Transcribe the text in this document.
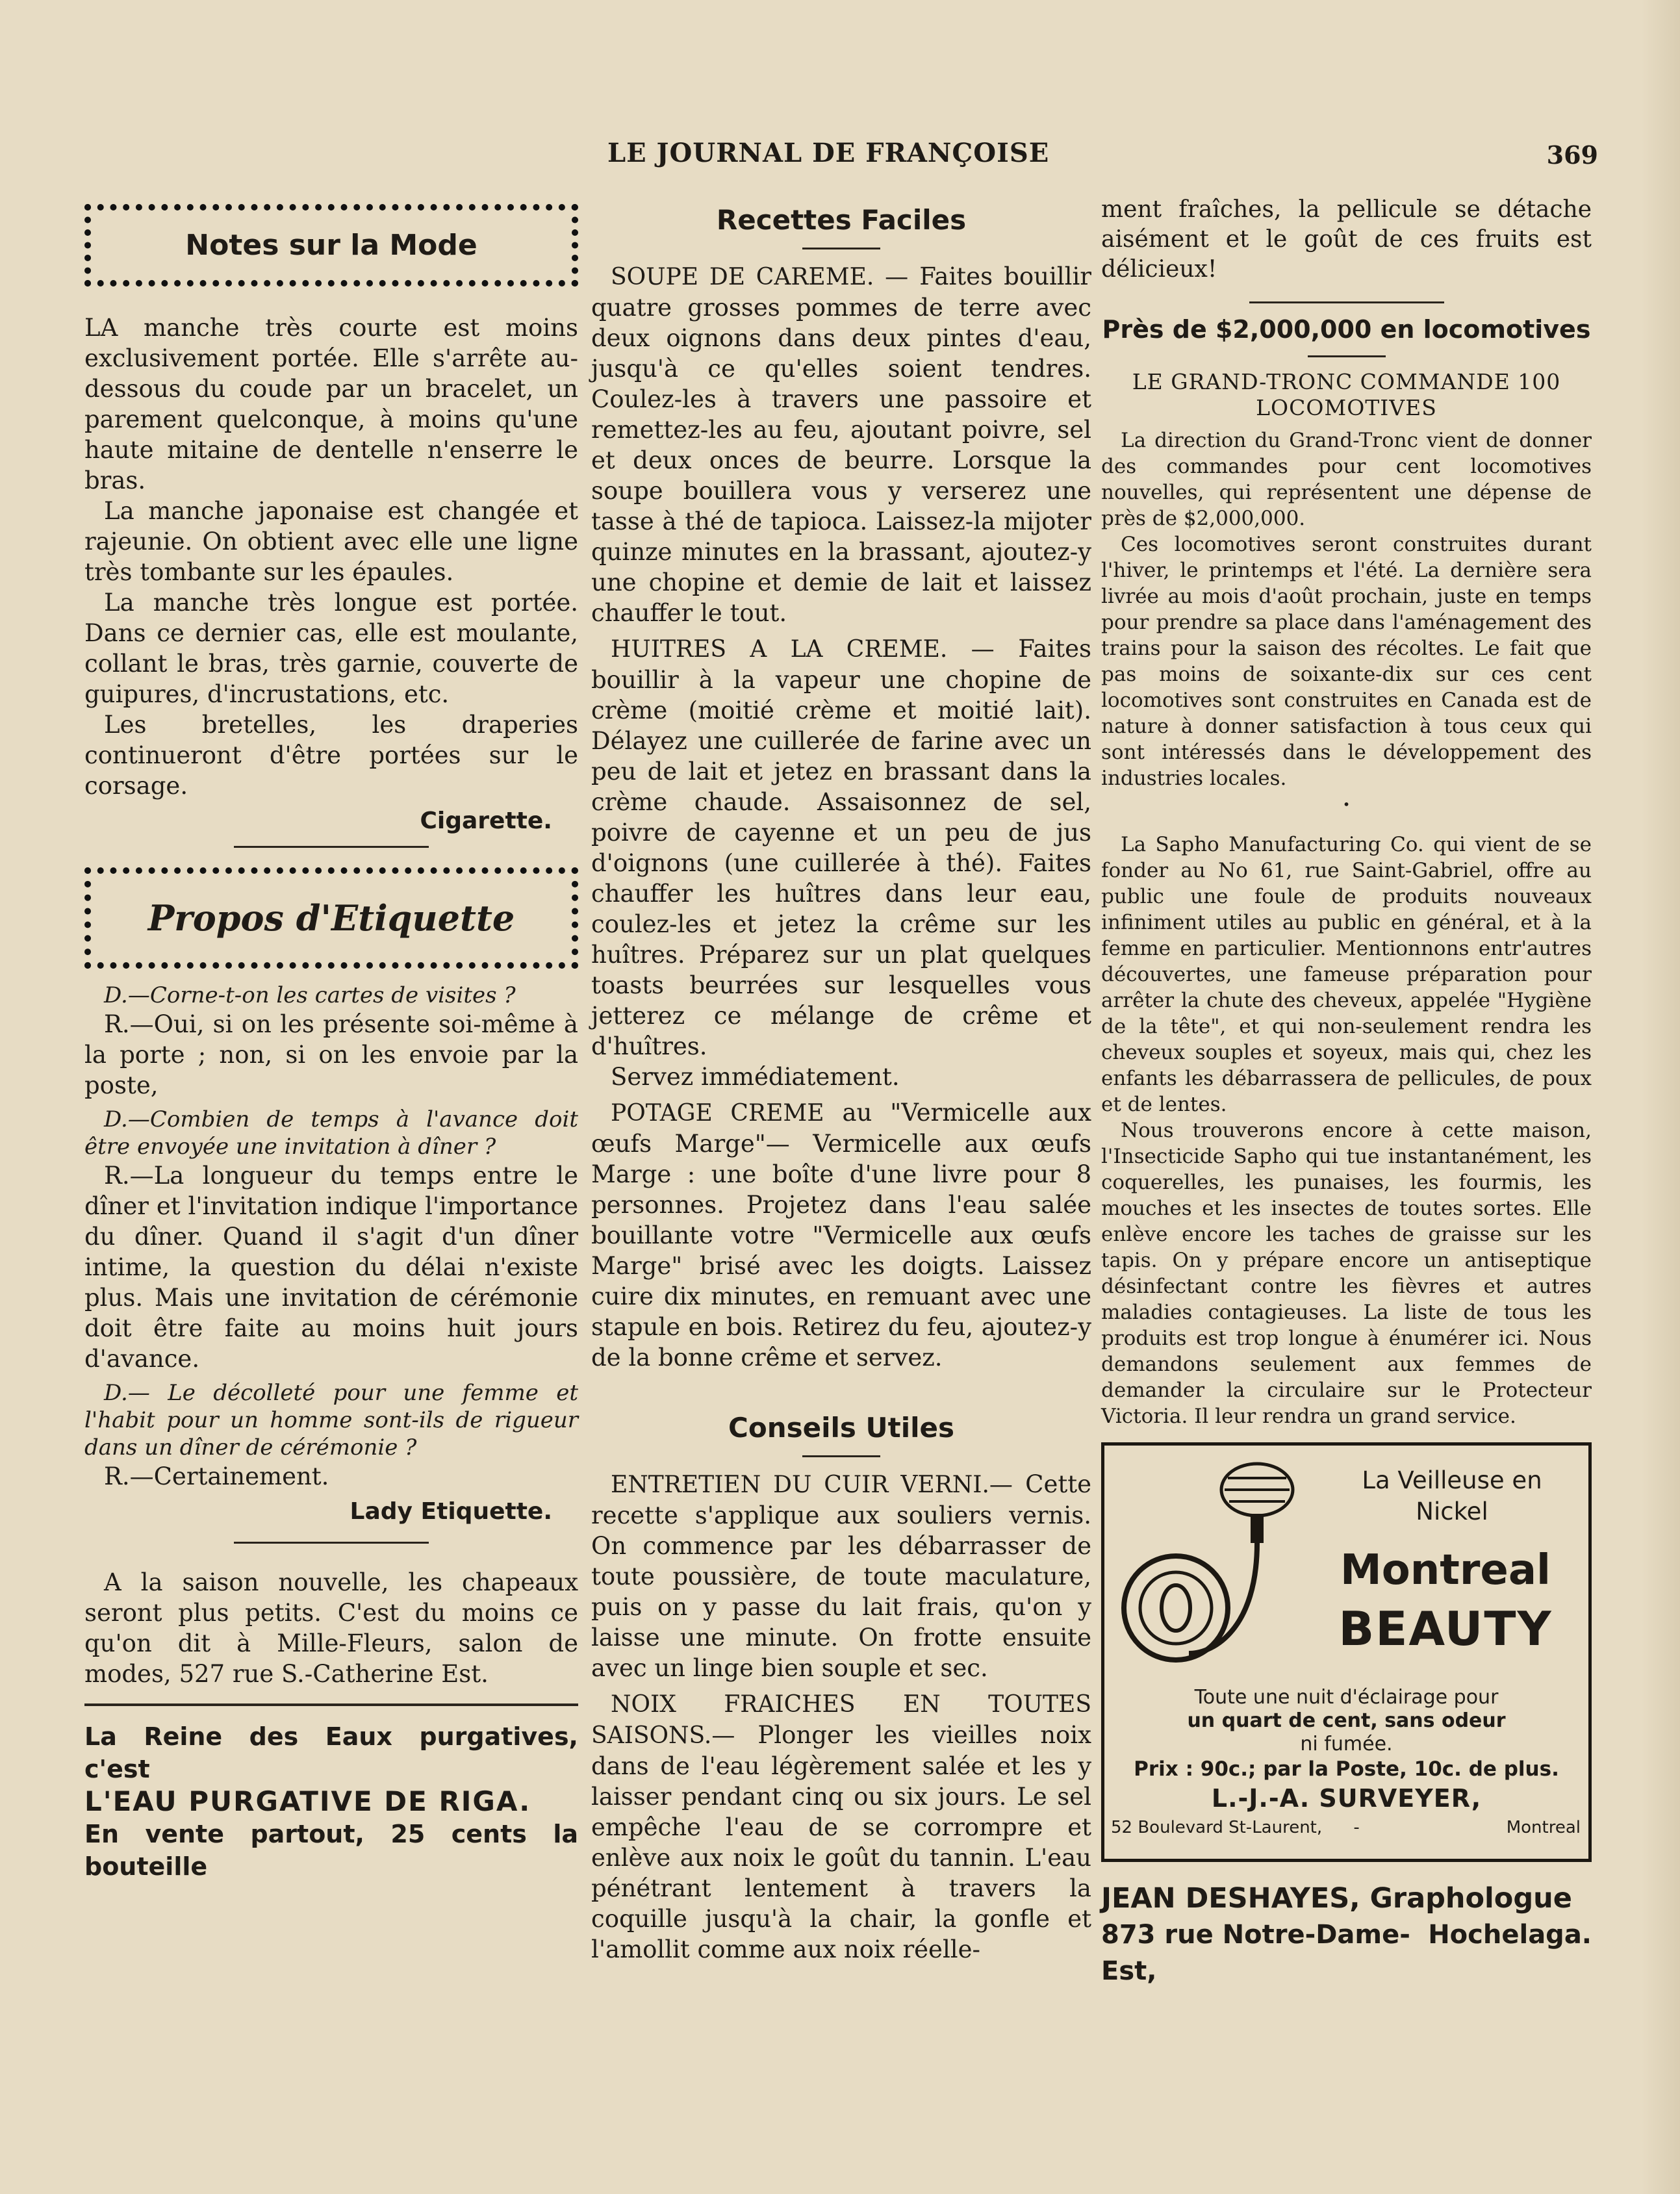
LE JOURNAL DE FRANÇOISE	369
Notes sur la Mode

LA manche très courte est moins exclusivement portée. Elle s'arrête au-dessous du coude par un bracelet, un parement quelconque, à moins qu'une haute mitaine de dentelle n'enserre le bras.

La manche japonaise est changée et rajeunie. On obtient avec elle une ligne très tombante sur les épaules.

La manche très longue est portée. Dans ce dernier cas, elle est moulante, collant le bras, très garnie, couverte de guipures, d'incrustations, etc.

Les bretelles, les draperies continueront d'être portées sur le corsage.

Cigarette.
Propos d'Etiquette

D.—Corne-t-on les cartes de visites ?

R.—Oui, si on les présente soi-même à la porte ; non, si on les envoie par la poste,

D.—Combien de temps à l'avance doit être envoyée une invitation à dîner ?

R.—La longueur du temps entre le dîner et l'invitation indique l'importance du dîner. Quand il s'agit d'un dîner intime, la question du délai n'existe plus. Mais une invitation de cérémonie doit être faite au moins huit jours d'avance.

D.— Le décolleté pour une femme et l'habit pour un homme sont-ils de rigueur dans un dîner de cérémonie ?

R.—Certainement.

Lady Etiquette.

A la saison nouvelle, les chapeaux seront plus petits. C'est du moins ce qu'on dit à Mille-Fleurs, salon de modes, 527 rue S.-Catherine Est.

La Reine des Eaux purgatives, c'est
L'EAU PURGATIVE DE RIGA.
En vente partout, 25 cents la bouteille
Recettes Faciles

SOUPE DE CAREME. — Faites bouillir quatre grosses pommes de terre avec deux oignons dans deux pintes d'eau, jusqu'à ce qu'elles soient tendres. Coulez-les à travers une passoire et remettez-les au feu, ajoutant poivre, sel et deux onces de beurre. Lorsque la soupe bouillera vous y verserez une tasse à thé de tapioca. Laissez-la mijoter quinze minutes en la brassant, ajoutez-y une chopine et demie de lait et laissez chauffer le tout.

HUITRES A LA CREME. — Faites bouillir à la vapeur une chopine de crème (moitié crème et moitié lait). Délayez une cuillerée de farine avec un peu de lait et jetez en brassant dans la crème chaude. Assaisonnez de sel, poivre de cayenne et un peu de jus d'oignons (une cuillerée à thé). Faites chauffer les huîtres dans leur eau, coulez-les et jetez la crême sur les huîtres. Préparez sur un plat quelques toasts beurrées sur lesquelles vous jetterez ce mélange de crême et d'huîtres.

Servez immédiatement.

POTAGE CREME au "Vermicelle aux œufs Marge"— Vermicelle aux œufs Marge : une boîte d'une livre pour 8 personnes. Projetez dans l'eau salée bouillante votre "Vermicelle aux œufs Marge" brisé avec les doigts. Laissez cuire dix minutes, en remuant avec une stapule en bois. Retirez du feu, ajoutez-y de la bonne crême et servez.

Conseils Utiles

ENTRETIEN DU CUIR VERNI.— Cette recette s'applique aux souliers vernis. On commence par les débarrasser de toute poussière, de toute maculature, puis on y passe du lait frais, qu'on y laisse une minute. On frotte ensuite avec un linge bien souple et sec.

NOIX FRAICHES EN TOUTES SAISONS.— Plonger les vieilles noix dans de l'eau légèrement salée et les y laisser pendant cinq ou six jours. Le sel empêche l'eau de se corrompre et enlève aux noix le goût du tannin. L'eau pénétrant lentement à travers la coquille jusqu'à la chair, la gonfle et l'amollit comme aux noix réelle-

ment fraîches, la pellicule se détache aisément et le goût de ces fruits est délicieux!

Près de $2,000,000 en locomotives
LE GRAND-TRONC COMMANDE 100 LOCOMOTIVES

La direction du Grand-Tronc vient de donner des commandes pour cent locomotives nouvelles, qui représentent une dépense de près de $2,000,000.

Ces locomotives seront construites durant l'hiver, le printemps et l'été. La dernière sera livrée au mois d'août prochain, juste en temps pour prendre sa place dans l'aménagement des trains pour la saison des récoltes. Le fait que pas moins de soixante-dix sur ces cent locomotives sont construites en Canada est de nature à donner satisfaction à tous ceux qui sont intéressés dans le développement des industries locales.

•

La Sapho Manufacturing Co. qui vient de se fonder au No 61, rue Saint-Gabriel, offre au public une foule de produits nouveaux infiniment utiles au public en général, et à la femme en particulier. Mentionnons entr'autres découvertes, une fameuse préparation pour arrêter la chute des cheveux, appelée "Hygiène de la tête", et qui non-seulement rendra les cheveux souples et soyeux, mais qui, chez les enfants les débarrassera de pellicules, de poux et de lentes.

Nous trouverons encore à cette maison, l'Insecticide Sapho qui tue instantanément, les coquerelles, les punaises, les fourmis, les mouches et les insectes de toutes sortes. Elle enlève encore les taches de graisse sur les tapis. On y prépare encore un antiseptique désinfectant contre les fièvres et autres maladies contagieuses. La liste de tous les produits est trop longue à énumérer ici. Nous demandons seulement aux femmes de demander la circulaire sur le Protecteur Victoria. Il leur rendra un grand service.

La Veilleuse en
Nickel
Montreal
BEAUTY
Toute une nuit d'éclairage pour
un quart de cent, sans odeur
ni fumée.
Prix : 90c.; par la Poste, 10c. de plus.
L.-J.-A. SURVEYER,
52 Boulevard St-Laurent, -	Montreal
JEAN DESHAYES, Graphologue
873 rue Notre-Dame-Est,
Hochelaga.
